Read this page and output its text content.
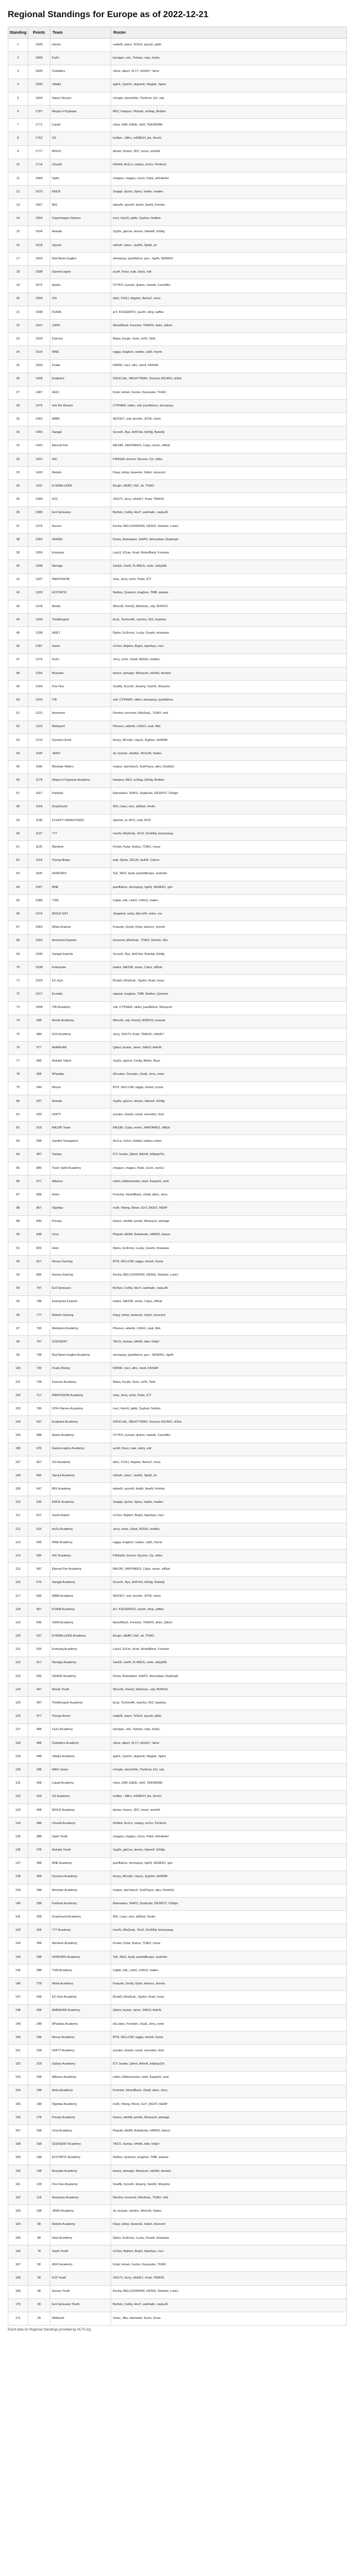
Regional Standings for Europe as of 2022-12-21
Standing	Points	Team	Roster
1	1949	Heroic	cadiaN, stavn, TeSeS, sjuush, jabbi
2	1849	FaZe	karrigan, rain, Twistzz, ropz, broky
3	1835	Outsiders	Jame, qikert, FL1T, n0rb3r7, fame
4	1830	Vitality	apEX, ZywOo, dupreeh, Magisk, Spinx
5	1826	Natus Vincere	s1mple, electroNic, Perfecto, b1t, sdy
6	1787	Ninjas in Pyjamas	REZ, hampus, Plopski, es3tag, Brollan
7	1771	Liquid	oSee, NAF, EliGE, nitr0, YEKINDAR
8	1752	G2	huNter-, NiKo, m0NESY, jks, HooXi
9	1717	MOUZ	dexter, frozen, JDC, torzsi, xertioN
10	1714	Cloud9	HObbit, Ax1Le, nafany, sh1ro, Perfecto
11	1683	Spirit	chopper, magixx, s1ren, Patsi, w0nderful
12	1670	ENCE	Snappi, dycha, Spinx, hades, maden
13	1667	BIG	tabseN, syrsoN, tiziaN, faveN, Krimbo
14	1655	Copenhagen Flames	roeJ, HooXi, jabbi, Zyphon, Nodios
15	1624	Astralis	Xyp9x, gla1ve, device, blameF, k0nfig
16	1618	Sprout	refrezh, slaxz-, lauNX, Spiidi, ztr
17	1603	Bad News Eagles	sinnopsyy, juanflatroo, gxx-, rigoN, SENER1
18	1598	GamerLegion	acoR, Keoz, isak, siuhy, volt
19	1572	Apeks	STYKO, kyxsan, jkaem, nawwk, CacaNito
20	1559	OG	niki1, F1KU, degster, flameZ, nexa
21	1548	FURIA	arT, KSCERATO, yuurih, drop, saffee
22	1541	1WIN	NickelBack, Forester, TRAVIS, deko, Qikert
23	1529	Falcons	Maka, Kyojin, Sunn, aVN, Tarik
24	1514	9INE	ragga, kraghen, hades, cej0t, mynio
25	1509	Fnatic	KRIMZ, roeJ, afro, mezii, FASHR
26	1498	Endpoint	CRUC1AL, MiGHTYMAX, Surreal, AZUWU, sl3nd
27	1487	AGO	Kylar, leman, Furlan, Kyousuke, TOAO
28	1476	Into the Breach	CYPHER, rallen, volt, juanflatroo, sinnopsyy
29	1462	MIBR	WOOD7, exit, brnz4n, JOTA, chelo
30	1455	Sangal	ScrunK, Ryu, ArtFr0st, k0nfig, Bubzkji
31	1442	Eternal Fire	MAJ3R, XANTARES, Calyx, woxic, xfl0ud
32	1431	IHC	FiNiGaN, kenzor, Hycsen, Ciz, dobu
33	1420	Rebels	Flayy, olimp, kisserek, Sobol, innocent
34	1411	EYEBALLERS	Ryujin, HEAP, LNZ, ztr, TOAO
35	1399	K23	X5G7V, Jerry, n0rb3r7, Krad, TRAVIS
36	1385	Evil Geniuses	Brehze, CeRq, HexT, autimatic, neaLaN
37	1374	Aurora	Kecha, BELCHONOKK, KENSI, Swisher, Lack1
38	1366	SKADE	Dosia, Rainwaker, SHiPZ, dennyslaw, Duplicate
39	1359	Entropiq	Lack1, El1an, Krad, NickelBack, Forester
40	1348	Nemiga	Xant3r, 1eeR, FL4MUS, zorte, riskyb0b
41	1337	PARIVISION	nota, Jerry, zorte, Patsi, ICY
42	1329	ECSTATIC	Nodios, Queenix, kraghen, TMB, salazar
43	1318	Monte	Woro2k, DemQ, kRaSnaL, sdy, BOROS
44	1306	TheMongolz	bLitz, Techno4K, mzinho, 910, hasteka
45	1298	HEET	Djoko, Ex3rcice, Lucky, Graviti, misutaaa
46	1287	Sashi	n1Xen, Bejden, Bajmi, kjaerbye, roeJ
47	1276	forZe	Jerry, zorte, r3salt, KENSi, shalfey
48	1264	Bravado	kwezz, pwnage, Moseyuh, ottoNd, deviant
49	1255	Fire Flux	Soulfly, ScrunK, dreamy, Xant3r, Sheydos
50	1243	ITB	volt, CYPHER, rallen, sinnopsyy, juanflatroo
51	1231	Anonymo	Demho, innocent, kRaSnaL, TOAO, mhL
52	1222	Metizport	Plessen, adamb, L00m1, isak, Nilo
53	1210	Dynamo Eclot	forsyy, M1xxEr, Vayso, Zyphon, khiNNN
54	1199	JANO	ztr, kyxsan, skytten, Woro2k, hades
55	1186	Movistar Riders	mopoz, dav1deuS, SunPayus, alex, DeathZz
56	1178	Ninjas in Pyjamas Academy	hampus, REZ, es3tag, k0nfig, Brollan
57	1167	Partizan	Rainwaker, SHiPZ, Duplicate, DESPOT, OStojic
58	1159	Grayhound	INS, Liazz, sico, aliStair, Vexite
59	1148	FLUFFY GANGSTERS	Sjonnie, ts, AYO, zodi, ROX
60	1137	777	mooN, kRaSnaL, Ro1f, DeStiNy, kissmyaug
61	1125	Illuminar	Furlan, Kylar, Kubus, TOAO, mouz
62	1118	Young Ninjas	isak, Djoko, ZELIN, lauNX, Cairne
63	1106	HONORIS	TaZ, NEO, byali, pashaBiceps, snatchie
64	1097	BNE	juanflatroo, sinnopsyy, rigoN, SENER1, gxx-
65	1085	TSM	Cabbi, mik, Lekr0, L00m1, hades
66	1074	MOUZ NXT	Jimpphat, siuhy, bELmIN, xelex, rnz
67	1063	Wisla Krakow	Fraszek, Goofy, Kylar, danoco, morelz
68	1055	Anonymo Esports	innocent, kRaSnaL, TOAO, Demho, KEi
69	1046	Sangal Esports	ScrunK, Ryu, ArtFr0st, Bubzkji, k0nfig
70	1038	Enterprise	hades, MAJ3R, woxic, Calyx, xfl0ud
71	1029	EC Kyiv	B1ad3, kRaSnaL, Spyho, Krad, mouz
72	1017	Ecstatic	salazar, kraghen, TMB, Nodios, Queenix
73	1008	ITB Academy	volt, CYPHER, rallen, juanflatroo, Moseyuh
74	998	Monte Academy	Woro2k, sdy, DemQ, BOROS, krasnal
75	989	K23 Academy	Jerry, X5G7V, Krad, TRAVIS, n0rb3r7
76	977	AVANGAR	Qikert, buster, Jame, SANJI, AdreN
77	966	Astralis Talent	Xyp9x, gla1ve, Farlig, Altekz, Buzz
78	958	9Pandas	d1Ledez, Forester, r3salt, Jerry, zorte
79	949	Nexus	BTN, XELLOW, ragga, s0und, mynio
80	937	Astralis	Xyp9x, gla1ve, device, blameF, k0nfig
81	929	UNiTY	yosuke, Hunter, mezii, nicoodoz, fozil
82	918	MAJ3R Team	MAJ3R, Calyx, woxic, XANTARES, xfl0ud
83	908	Gambit Youngsters	Ax1Le, sh1ro, Hobbit, nafany, interz
84	897	Galaxy	ICY, buster, Qikert, AdreN, lollipop21k
85	889	Team Spirit Academy	chopper, magixx, Patsi, s1ren, zont1x
86	877	Alliance	robiin, b0denmaster, twist, Kaspar0, avid
87	868	Astra	Forester, NickelBack, r3salt, deko, Jerry
88	857	Dignitas	rezR, friberg, f0rest, GeT_RiGhT, HEAP
89	849	Preasy	kwezz, ottoNd, ponter, Moseyuh, pwnage
90	838	Ursa	Plopski, bEAN, Bobeksde, H4RR3, kwezz
91	829	Heet	Djoko, Ex3rcice, Lucky, Graviti, misutaaa
92	817	Nexus Gaming	BTN, XELLOW, ragga, s0und, mynio
93	806	Aurora Gaming	Kecha, BELCHONOKK, KENSI, Swisher, Lack1
94	797	Evil Geniuses	Brehze, CeRq, HexT, autimatic, neaLaN
95	788	Enterprise Esports	hades, MAJ3R, woxic, Calyx, xfl0ud
96	777	Rebels Gaming	Flayy, olimp, kisserek, Sobol, innocent
97	765	Metizport Academy	Plessen, adamb, L00m1, isak, Nilo
98	757	GODSENT	TACO, dumau, b4rtiN, latto, kNgV-
99	748	Bad News Eagles Academy	sinnopsyy, juanflatroo, gxx-, SENER1, rigoN
100	736	Fnatic Rising	KRIMZ, roeJ, afro, mezii, FASHR
101	728	Falcons Academy	Maka, Kyojin, Sunn, aVN, Tarik
102	717	PARIVISION Academy	nota, Jerry, zorte, Patsi, ICY
103	706	CPH Flames Academy	roeJ, HooXi, jabbi, Zyphon, Nodios
104	697	Endpoint Academy	CRUC1AL, MiGHTYMAX, Surreal, AZUWU, sl3nd
105	688	Apeks Academy	STYKO, kyxsan, jkaem, nawwk, CacaNito
106	676	GamerLegion Academy	acoR, Keoz, isak, siuhy, volt
107	667	OG Academy	niki1, F1KU, degster, flameZ, nexa
108	656	Sprout Academy	refrezh, slaxz-, lauNX, Spiidi, ztr
109	647	BIG Academy	tabseN, syrsoN, tiziaN, faveN, Krimbo
110	636	ENCE Academy	Snappi, dycha, Spinx, hades, maden
111	627	Sashi Esport	n1Xen, Bejden, Bajmi, kjaerbye, roeJ
112	616	forZe Academy	Jerry, zorte, r3salt, KENSi, shalfey
113	605	9INE Academy	ragga, kraghen, hades, cej0t, mynio
114	596	IHC Academy	FiNiGaN, kenzor, Hycsen, Ciz, dobu
115	587	Eternal Fire Academy	MAJ3R, XANTARES, Calyx, woxic, xfl0ud
116	576	Sangal Academy	ScrunK, Ryu, ArtFr0st, k0nfig, Bubzkji
117	566	MIBR Academy	WOOD7, exit, brnz4n, JOTA, chelo
118	557	FURIA Academy	arT, KSCERATO, yuurih, drop, saffee
119	546	1WIN Academy	NickelBack, Forester, TRAVIS, deko, Qikert
120	537	EYEBALLERS Academy	Ryujin, HEAP, LNZ, ztr, TOAO
121	526	Entropiq Academy	Lack1, El1an, Krad, NickelBack, Forester
122	517	Nemiga Academy	Xant3r, 1eeR, FL4MUS, zorte, riskyb0b
123	506	SKADE Academy	Dosia, Rainwaker, SHiPZ, dennyslaw, Duplicate
124	497	Monte Youth	Woro2k, DemQ, kRaSnaL, sdy, BOROS
125	487	TheMongolz Academy	bLitz, Techno4K, mzinho, 910, hasteka
126	477	Young Heroic	cadiaN, stavn, TeSeS, sjuush, jabbi
127	468	FaZe Academy	karrigan, rain, Twistzz, ropz, broky
128	458	Outsiders Academy	Jame, qikert, FL1T, n0rb3r7, fame
129	448	Vitality Academy	apEX, ZywOo, dupreeh, Magisk, Spinx
130	438	NAVI Junior	s1mple, electroNic, Perfecto, b1t, sdy
131	428	Liquid Academy	oSee, NAF, EliGE, nitr0, YEKINDAR
132	418	G2 Academy	huNter-, NiKo, m0NESY, jks, HooXi
133	408	MOUZ Academy	dexter, frozen, JDC, torzsi, xertioN
134	398	Cloud9 Academy	HObbit, Ax1Le, nafany, sh1ro, Perfecto
135	388	Spirit Youth	chopper, magixx, s1ren, Patsi, w0nderful
136	378	Astralis Youth	Xyp9x, gla1ve, device, blameF, k0nfig
137	368	BNE Academy	juanflatroo, sinnopsyy, rigoN, SENER1, gxx-
138	358	Dynamo Academy	forsyy, M1xxEr, Vayso, Zyphon, khiNNN
139	348	Movistar Academy	mopoz, dav1deuS, SunPayus, alex, DeathZz
140	338	Partizan Academy	Rainwaker, SHiPZ, Duplicate, DESPOT, OStojic
141	328	Grayhound Academy	INS, Liazz, sico, aliStair, Vexite
142	318	777 Academy	mooN, kRaSnaL, Ro1f, DeStiNy, kissmyaug
143	308	Illuminar Academy	Furlan, Kylar, Kubus, TOAO, mouz
144	298	HONORIS Academy	TaZ, NEO, byali, pashaBiceps, snatchie
145	288	TSM Academy	Cabbi, mik, Lekr0, L00m1, hades
146	278	Wisla Academy	Fraszek, Goofy, Kylar, danoco, morelz
147	268	EC Kyiv Academy	B1ad3, kRaSnaL, Spyho, Krad, mouz
148	258	AVANGAR Academy	Qikert, buster, Jame, SANJI, AdreN
149	248	9Pandas Academy	d1Ledez, Forester, r3salt, Jerry, zorte
150	238	Nexus Academy	BTN, XELLOW, ragga, s0und, mynio
151	228	UNiTY Academy	yosuke, Hunter, mezii, nicoodoz, fozil
152	218	Galaxy Academy	ICY, buster, Qikert, AdreN, lollipop21k
153	208	Alliance Academy	robiin, b0denmaster, twist, Kaspar0, avid
154	198	Astra Academy	Forester, NickelBack, r3salt, deko, Jerry
155	188	Dignitas Academy	rezR, friberg, f0rest, GeT_RiGhT, HEAP
156	178	Preasy Academy	kwezz, ottoNd, ponter, Moseyuh, pwnage
157	168	Ursa Academy	Plopski, bEAN, Bobeksde, H4RR3, kwezz
158	158	GODSENT Academy	TACO, dumau, b4rtiN, latto, kNgV-
159	148	ECSTATIC Academy	Nodios, Queenix, kraghen, TMB, salazar
160	138	Bravado Academy	kwezz, pwnage, Moseyuh, ottoNd, deviant
161	128	Fire Flux Academy	Soulfly, ScrunK, dreamy, Xant3r, Sheydos
162	118	Anonymo Academy	Demho, innocent, kRaSnaL, TOAO, mhL
163	108	JANO Academy	ztr, kyxsan, skytten, Woro2k, hades
164	98	Rebels Academy	Flayy, olimp, kisserek, Sobol, innocent
165	88	Heet Academy	Djoko, Ex3rcice, Lucky, Graviti, misutaaa
166	78	Sashi Youth	n1Xen, Bejden, Bajmi, kjaerbye, roeJ
167	68	AGO Academy	Kylar, leman, Furlan, Kyousuke, TOAO
168	58	K23 Youth	X5G7V, Jerry, n0rb3r7, Krad, TRAVIS
169	48	Aurora Youth	Kecha, BELCHONOKK, KENSI, Swisher, Lack1
170	38	Evil Geniuses Youth	Brehze, CeRq, HexT, autimatic, neaLaN
171	28	Wildcard	Sonic, JBa, stanislaw, Sonic, Sonic
Event data for Regional Standings provided by HLTV.org
